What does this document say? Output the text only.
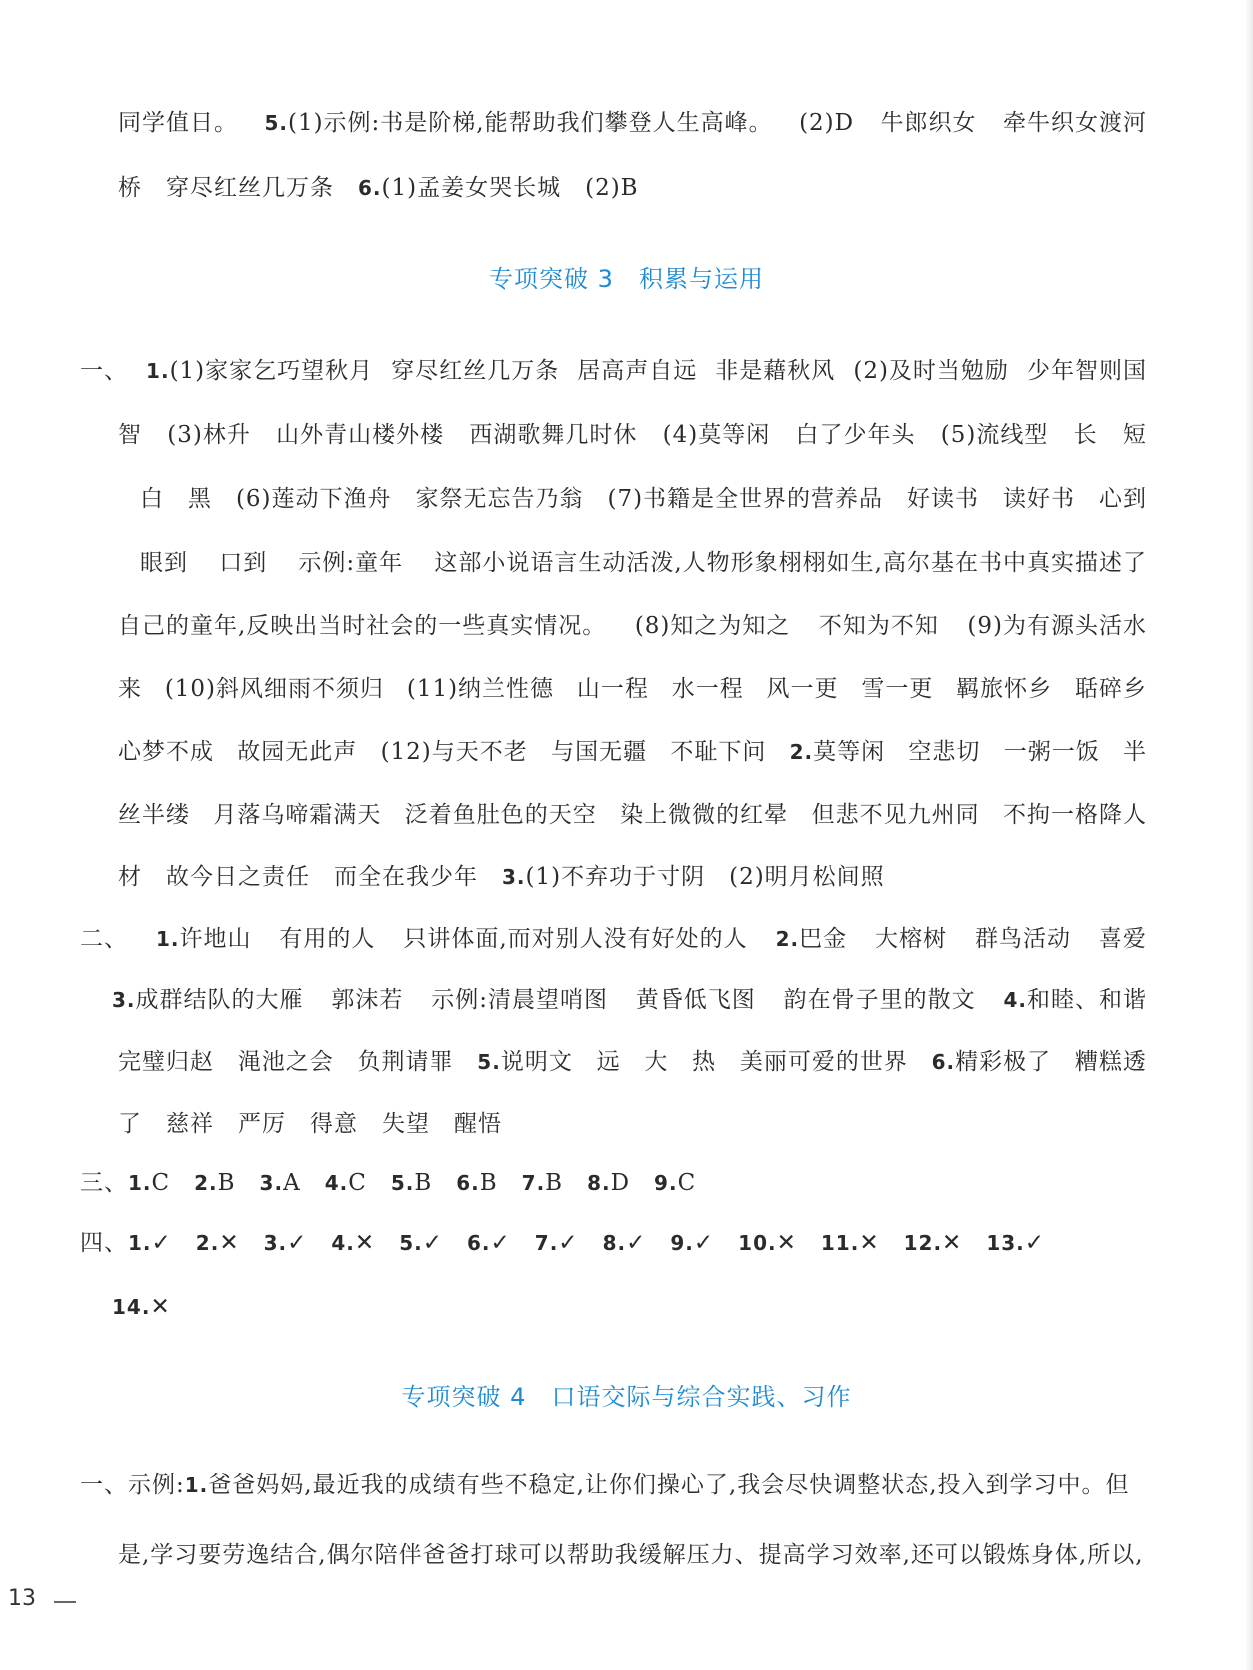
同学值日。 5.(1)示例:书是阶梯,能帮助我们攀登人生高峰。 (2)D 牛郎织女 牵牛织女渡河
桥　穿尽红丝几万条　6.(1)孟姜女哭长城　(2)B
一、 1.(1)家家乞巧望秋月 穿尽红丝几万条 居高声自远 非是藉秋风 (2)及时当勉励 少年智则国
智 (3)林升 山外青山楼外楼 西湖歌舞几时休 (4)莫等闲 白了少年头 (5)流线型 长 短
白 黑 (6)莲动下渔舟 家祭无忘告乃翁 (7)书籍是全世界的营养品 好读书 读好书 心到
眼到 口到 示例:童年 这部小说语言生动活泼,人物形象栩栩如生,高尔基在书中真实描述了
自己的童年,反映出当时社会的一些真实情况。 (8)知之为知之 不知为不知 (9)为有源头活水
来 (10)斜风细雨不须归 (11)纳兰性德 山一程 水一程 风一更 雪一更 羁旅怀乡 聒碎乡
心梦不成 故园无此声 (12)与天不老 与国无疆 不耻下问 2.莫等闲 空悲切 一粥一饭 半
丝半缕 月落乌啼霜满天 泛着鱼肚色的天空 染上微微的红晕 但悲不见九州同 不拘一格降人
材　故今日之责任　而全在我少年　3.(1)不弃功于寸阴　(2)明月松间照
二、 1.许地山 有用的人 只讲体面,而对别人没有好处的人 2.巴金 大榕树 群鸟活动 喜爱
3.成群结队的大雁 郭沫若 示例:清晨望哨图 黄昏低飞图 韵在骨子里的散文 4.和睦、和谐
完璧归赵 渑池之会 负荆请罪 5.说明文 远 大 热 美丽可爱的世界 6.精彩极了 糟糕透
了　慈祥　严厉　得意　失望　醒悟
三、1.C　2.B　3.A　4.C　5.B　6.B　7.B　8.D　9.C
四、1.✓　2.✕　3.✓　4.✕　5.✓　6.✓　7.✓　8.✓　9.✓　10.✕　11.✕　12.✕　13.✓
14.✕
一、示例:1.爸爸妈妈,最近我的成绩有些不稳定,让你们操心了,我会尽快调整状态,投入到学习中。但
是,学习要劳逸结合,偶尔陪伴爸爸打球可以帮助我缓解压力、提高学习效率,还可以锻炼身体,所以,
专项突破 3　积累与运用
专项突破 4　口语交际与综合实践、习作
13
